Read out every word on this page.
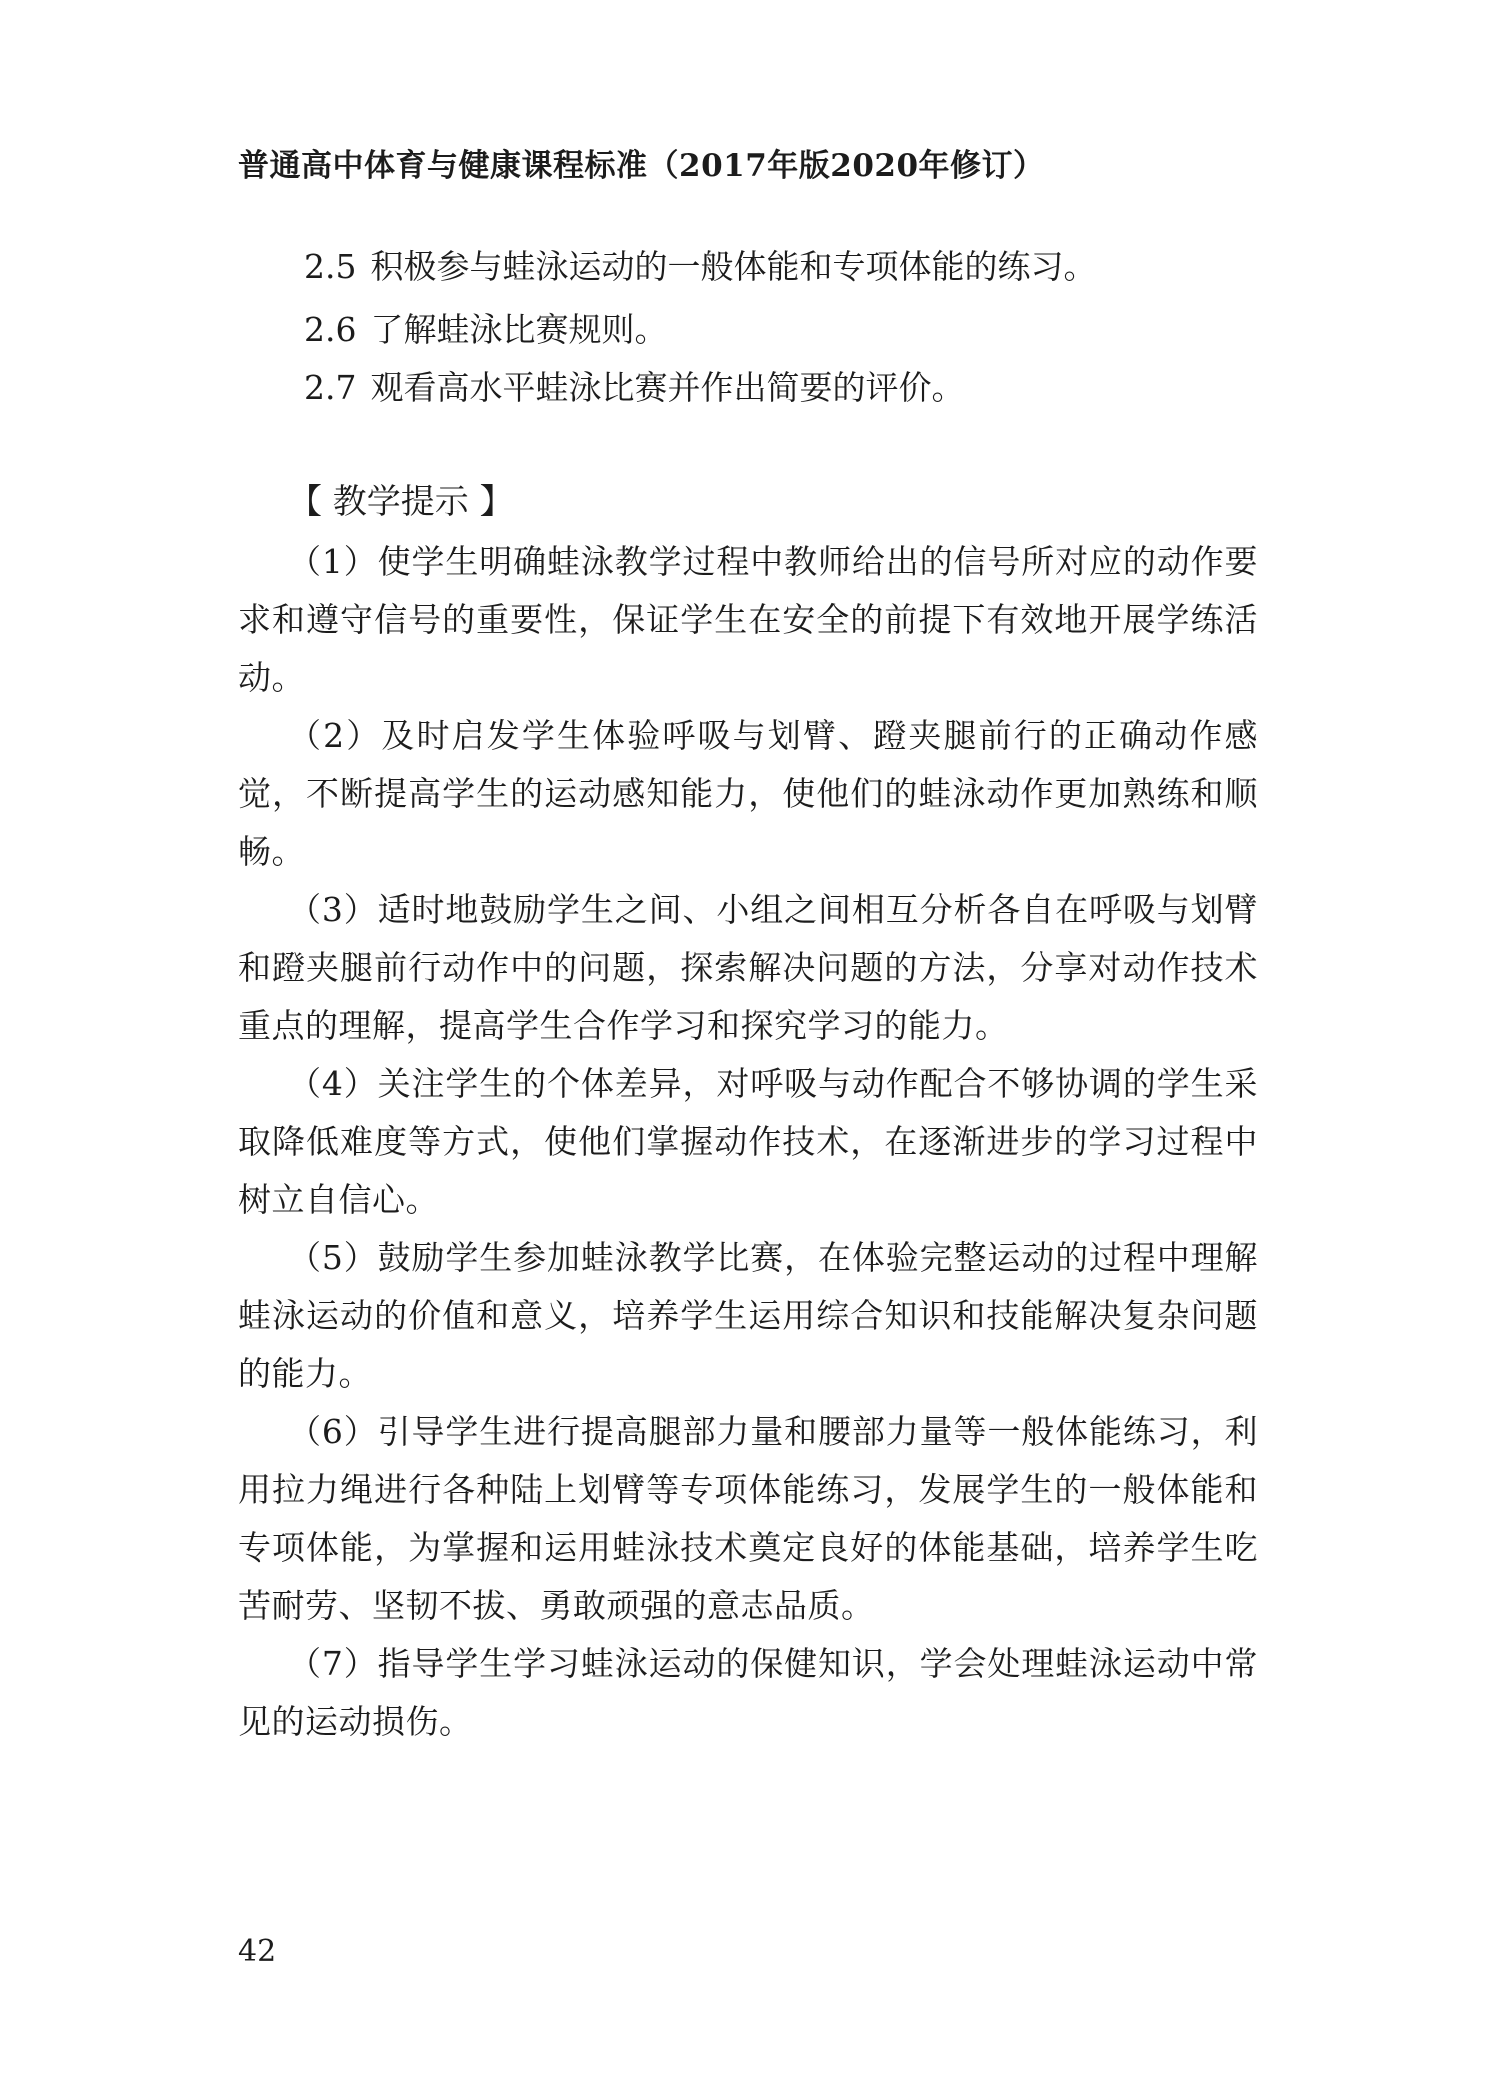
普通高中体育与健康课程标准（2017年版2020年修订）
2.5 积极参与蛙泳运动的一般体能和专项体能的练习。
2.6 了解蛙泳比赛规则。
2.7 观看高水平蛙泳比赛并作出简要的评价。
【 教学提示 】
（1）使学生明确蛙泳教学过程中教师给出的信号所对应的动作要求和遵守信号的重要性，保证学生在安全的前提下有效地开展学练活动。
（2）及时启发学生体验呼吸与划臂、蹬夹腿前行的正确动作感觉，不断提高学生的运动感知能力，使他们的蛙泳动作更加熟练和顺畅。
（3）适时地鼓励学生之间、小组之间相互分析各自在呼吸与划臂和蹬夹腿前行动作中的问题，探索解决问题的方法，分享对动作技术重点的理解，提高学生合作学习和探究学习的能力。
（4）关注学生的个体差异，对呼吸与动作配合不够协调的学生采取降低难度等方式，使他们掌握动作技术，在逐渐进步的学习过程中树立自信心。
（5）鼓励学生参加蛙泳教学比赛，在体验完整运动的过程中理解蛙泳运动的价值和意义，培养学生运用综合知识和技能解决复杂问题的能力。
（6）引导学生进行提高腿部力量和腰部力量等一般体能练习，利用拉力绳进行各种陆上划臂等专项体能练习，发展学生的一般体能和专项体能，为掌握和运用蛙泳技术奠定良好的体能基础，培养学生吃苦耐劳、坚韧不拔、勇敢顽强的意志品质。
（7）指导学生学习蛙泳运动的保健知识，学会处理蛙泳运动中常见的运动损伤。
42
